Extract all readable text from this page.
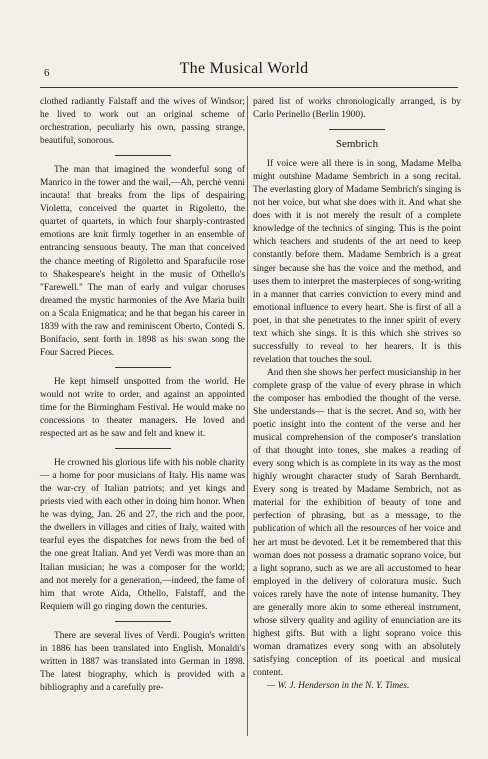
6	The Musical World

clothed radiantly Falstaff and the wives of Windsor; he lived to work out an original scheme of orchestration, peculiarly his own, passing strange, beautiful, sonorous.

The man that imagined the wonderful song of Manrico in the tower and the wail,—Ah, perchè venni incauta! that breaks from the lips of despairing Violetta, conceived the quartet in Rigoletto, the quartet of quartets, in which four sharply-contrasted emotions are knit firmly together in an ensemble of entrancing sensuous beauty. The man that conceived the chance meeting of Rigoletto and Sparafucile rose to Shakespeare's height in the music of Othello's "Farewell." The man of early and vulgar choruses dreamed the mystic harmonies of the Ave Maria built on a Scala Enigmatica; and he that began his career in 1839 with the raw and reminiscent Oberto, Contedi S. Bonifacio, sent forth in 1898 as his swan song the Four Sacred Pieces.

He kept himself unspotted from the world. He would not write to order, and against an appointed time for the Birmingham Festival. He would make no concessions to theater managers. He loved and respected art as he saw and felt and knew it.

He crowned his glorious life with his noble charity — a home for poor musicians of Italy. His name was the war-cry of Italian patriots; and yet kings and priests vied with each other in doing him honor. When he was dying, Jan. 26 and 27, the rich and the poor, the dwellers in villages and cities of Italy, waited with tearful eyes the dispatches for news from the bed of the one great Italian. And yet Verdi was more than an Italian musician; he was a composer for the world; and not merely for a generation,—indeed, the fame of him that wrote Aïda, Othello, Falstaff, and the Requiem will go ringing down the centuries.

There are several lives of Verdi. Pougin's written in 1886 has been translated into English. Monaldi's written in 1887 was translated into German in 1898. The latest biography, which is provided with a bibliography and a carefully pre-

pared list of works chronologically arranged, is by Carlo Perinello (Berlin 1900).

Sembrich

If voice were all there is in song, Madame Melba might outshine Madame Sembrich in a song recital. The everlasting glory of Madame Sembrich's singing is not her voice, but what she does with it. And what she does with it is not merely the result of a complete knowledge of the technics of singing. This is the point which teachers and students of the art need to keep constantly before them. Madame Sembrich is a great singer because she has the voice and the method, and uses them to interpret the masterpieces of song-writing in a manner that carries conviction to every mind and emotional influence to every heart. She is first of all a poet, in that she penetrates to the inner spirit of every text which she sings. It is this which she strives so successfully to reveal to her hearers. It is this revelation that touches the soul.

And then she shows her perfect musicianship in her complete grasp of the value of every phrase in which the composer has embodied the thought of the verse. She understands— that is the secret. And so, with her poetic insight into the content of the verse and her musical comprehension of the composer's translation of that thought into tones, she makes a reading of every song which is as complete in its way as the most highly wrought character study of Sarah Bernhardt. Every song is treated by Madame Sembrich, not as material for the exhibition of beauty of tone and perfection of phrasing, but as a message, to the publication of which all the resources of her voice and her art must be devoted. Let it be remembered that this woman does not possess a dramatic soprano voice, but a light soprano, such as we are all accustomed to hear employed in the delivery of coloratura music. Such voices rarely have the note of intense humanity. They are generally more akin to some ethereal instrument, whose silvery quality and agility of enunciation are its highest gifts. But with a light soprano voice this woman dramatizes every song with an absolutely satisfying conception of its poetical and musical content.

— W. J. Henderson in the N. Y. Times.
